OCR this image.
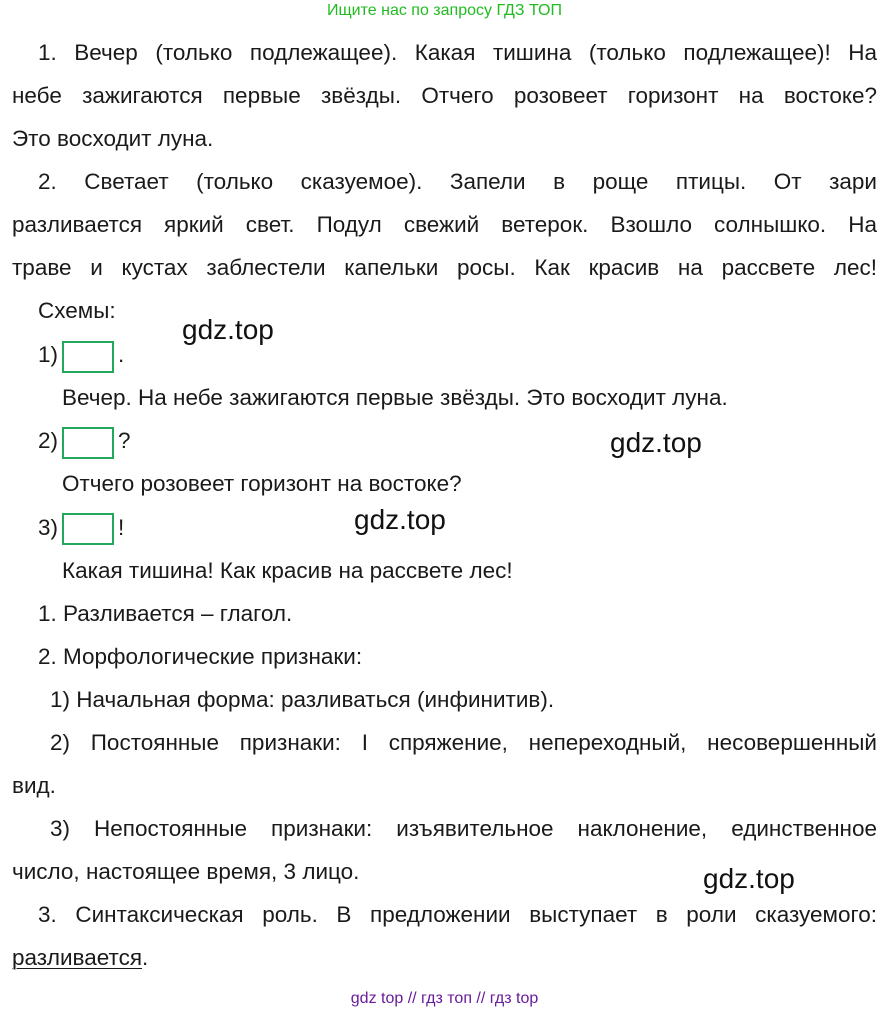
Ищите нас по запросу ГДЗ ТОП
1. Вечер (только подлежащее). Какая тишина (только подлежащее)! На
небе зажигаются первые звёзды. Отчего розовеет горизонт на востоке?
Это восходит луна.
2. Светает (только сказуемое). Запели в роще птицы. От зари
разливается яркий свет. Подул свежий ветерок. Взошло солнышко. На
траве и кустах заблестели капельки росы. Как красив на рассвете лес!
Схемы:
1)	.
Вечер. На небе зажигаются первые звёзды. Это восходит луна.
2)	?
Отчего розовеет горизонт на востоке?
3)	!
Какая тишина! Как красив на рассвете лес!
1. Разливается – глагол.
2. Морфологические признаки:
1) Начальная форма: разливаться (инфинитив).
2) Постоянные признаки: I спряжение, непереходный, несовершенный
вид.
3) Непостоянные признаки: изъявительное наклонение, единственное
число, настоящее время, 3 лицо.
3. Синтаксическая роль. В предложении выступает в роли сказуемого:
разливается.
gdz.top
gdz.top
gdz.top
gdz.top
gdz top // гдз топ // гдз top
